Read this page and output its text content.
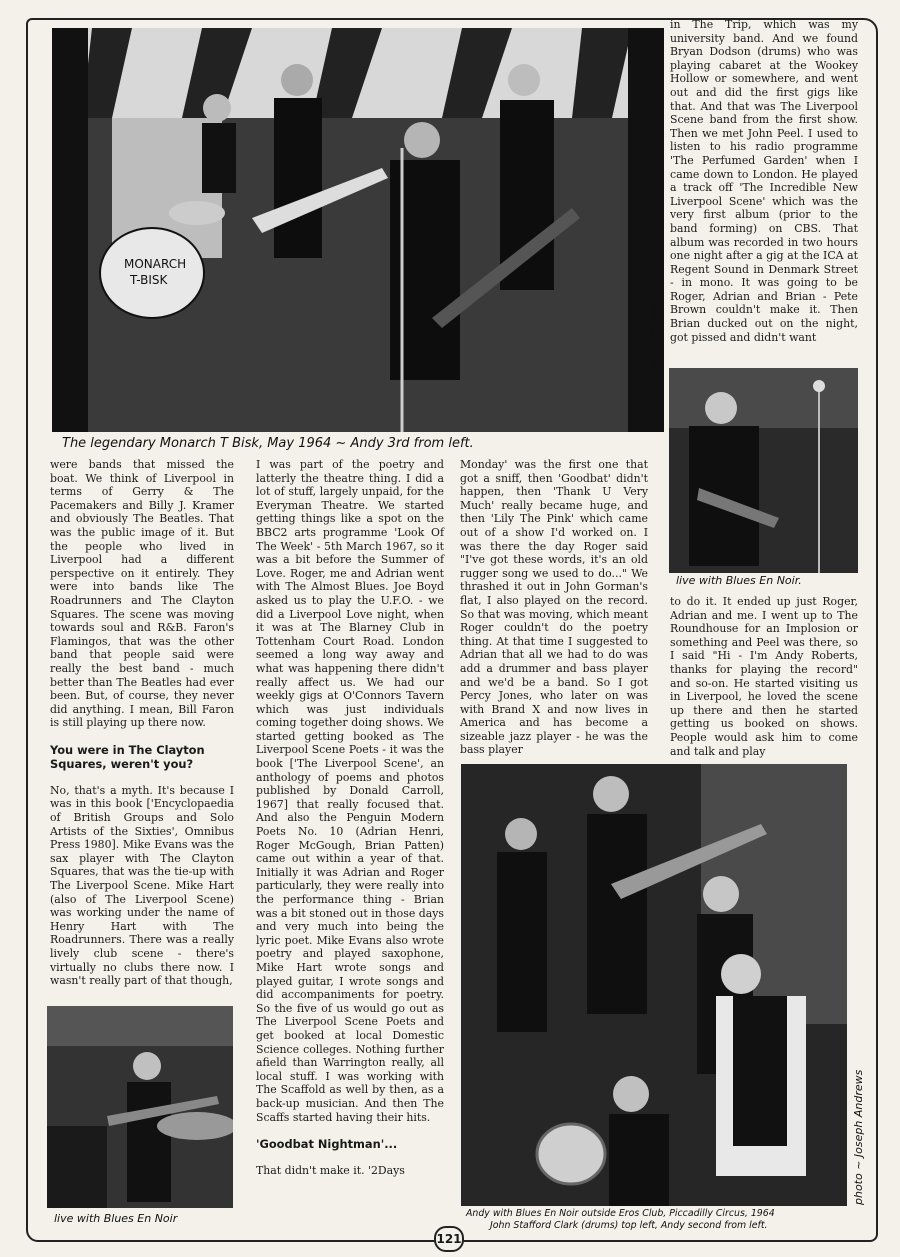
MONARCH
T-BISK
photo ~ Dennis Mansell.
The legendary Monarch T Bisk, May 1964 ~ Andy 3rd from left.
live with Blues En Noir.

were bands that missed the boat. We think of Liverpool in terms of Gerry & The Pacemakers and Billy J. Kramer and obviously The Beatles. That was the public image of it. But the people who lived in Liverpool had a different perspective on it entirely. They were into bands like The Roadrunners and The Clayton Squares. The scene was moving towards soul and R&B. Faron's Flamingos, that was the other band that people said were really the best band - much better than The Beatles had ever been. But, of course, they never did anything. I mean, Bill Faron is still playing up there now.

You were in The Clayton Squares, weren't you?

No, that's a myth. It's because I was in this book ['Encyclopaedia of British Groups and Solo Artists of the Sixties', Omnibus Press 1980]. Mike Evans was the sax player with The Clayton Squares, that was the tie-up with The Liverpool Scene. Mike Hart (also of The Liverpool Scene) was working under the name of Henry Hart with The Roadrunners. There was a really lively club scene - there's virtually no clubs there now. I wasn't really part of that though,

live with Blues En Noir

I was part of the poetry and latterly the theatre thing. I did a lot of stuff, largely unpaid, for the Everyman Theatre. We started getting things like a spot on the BBC2 arts programme 'Look Of The Week' - 5th March 1967, so it was a bit before the Summer of Love. Roger, me and Adrian went with The Almost Blues. Joe Boyd asked us to play the U.F.O. - we did a Liverpool Love night, when it was at The Blarney Club in Tottenham Court Road. London seemed a long way away and what was happening there didn't really affect us. We had our weekly gigs at O'Connors Tavern which was just individuals coming together doing shows. We started getting booked as The Liverpool Scene Poets - it was the book ['The Liverpool Scene', an anthology of poems and photos published by Donald Carroll, 1967] that really focused that. And also the Penguin Modern Poets No. 10 (Adrian Henri, Roger McGough, Brian Patten) came out within a year of that. Initially it was Adrian and Roger particularly, they were really into the performance thing - Brian was a bit stoned out in those days and very much into being the lyric poet. Mike Evans also wrote poetry and played saxophone, Mike Hart wrote songs and played guitar, I wrote songs and did accompaniments for poetry. So the five of us would go out as The Liverpool Scene Poets and get booked at local Domestic Science colleges. Nothing further afield than Warrington really, all local stuff. I was working with The Scaffold as well by then, as a back-up musician. And then The Scaffs started having their hits.

'Goodbat Nightman'...

That didn't make it. '2Days

Monday' was the first one that got a sniff, then 'Goodbat' didn't happen, then 'Thank U Very Much' really became huge, and then 'Lily The Pink' which came out of a show I'd worked on. I was there the day Roger said "I've got these words, it's an old rugger song we used to do..." We thrashed it out in John Gorman's flat, I also played on the record. So that was moving, which meant Roger couldn't do the poetry thing. At that time I suggested to Adrian that all we had to do was add a drummer and bass player and we'd be a band. So I got Percy Jones, who later on was with Brand X and now lives in America and has become a sizeable jazz player - he was the bass player

in The Trip, which was my university band. And we found Bryan Dodson (drums) who was playing cabaret at the Wookey Hollow or somewhere, and went out and did the first gigs like that. And that was The Liverpool Scene band from the first show. Then we met John Peel. I used to listen to his radio programme 'The Perfumed Garden' when I came down to London. He played a track off 'The Incredible New Liverpool Scene' which was the very first album (prior to the band forming) on CBS. That album was recorded in two hours one night after a gig at the ICA at Regent Sound in Denmark Street - in mono. It was going to be Roger, Adrian and Brian - Pete Brown couldn't make it. Then Brian ducked out on the night, got pissed and didn't want

to do it. It ended up just Roger, Adrian and me. I went up to The Roundhouse for an Implosion or something and Peel was there, so I said "Hi - I'm Andy Roberts, thanks for playing the record" and so-on. He started visiting us in Liverpool, he loved the scene up there and then he started getting us booked on shows. People would ask him to come and talk and play

photo ~ Joseph Andrews
Andy with Blues En Noir outside Eros Club, Piccadilly Circus, 1964
John Stafford Clark (drums) top left, Andy second from left.
121
